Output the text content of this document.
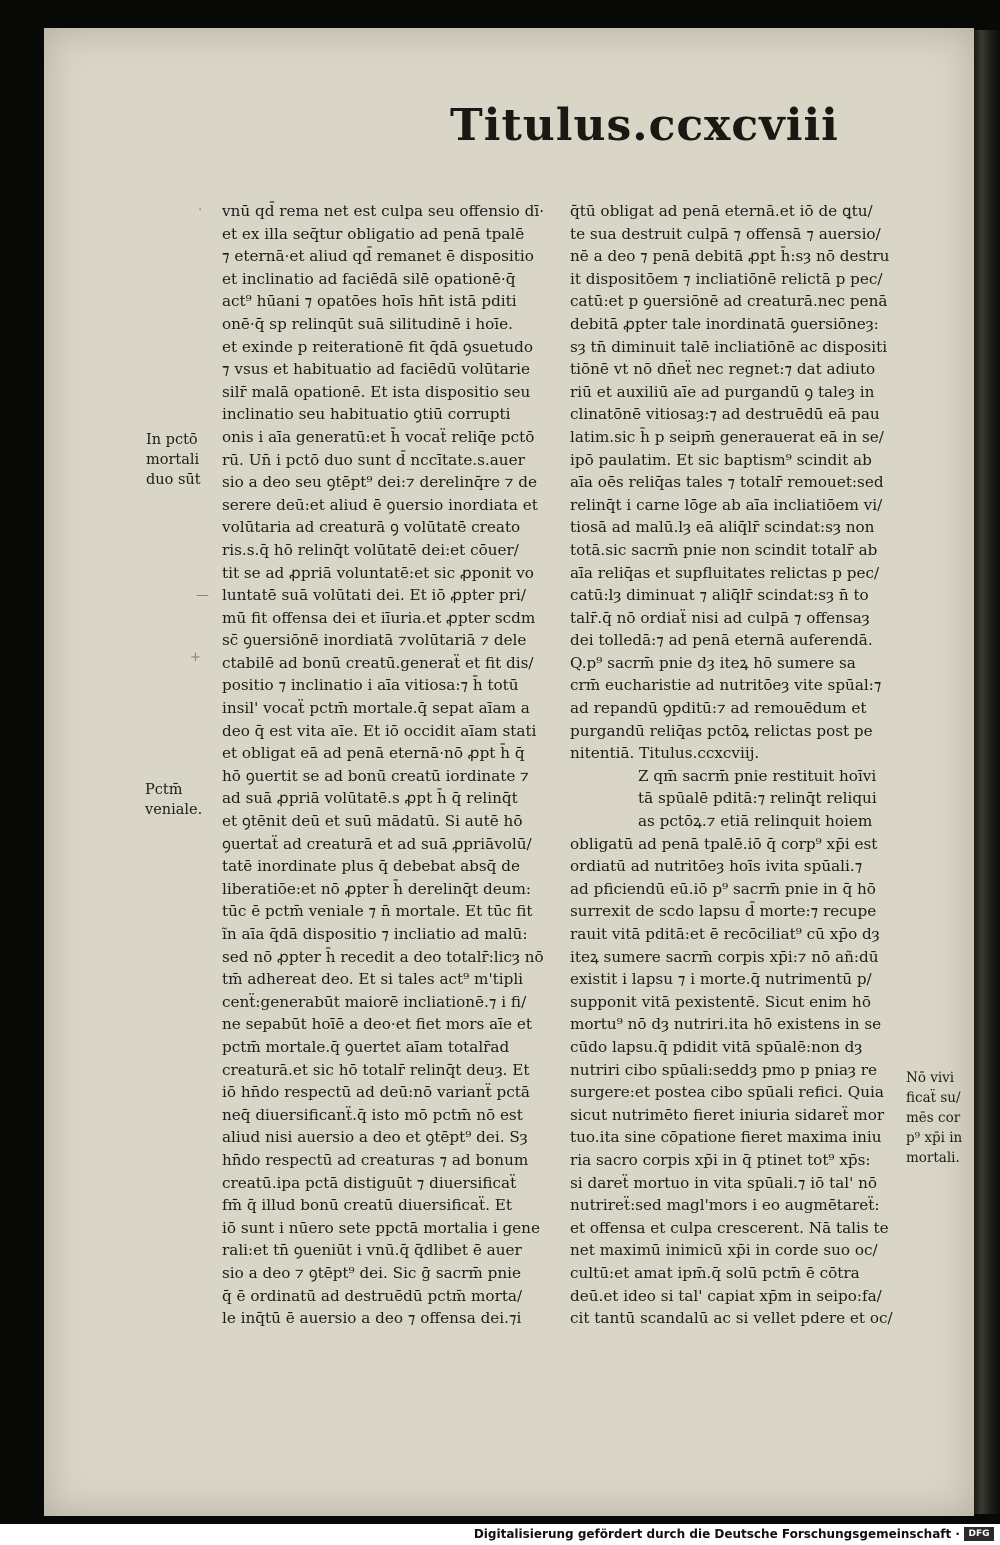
Titulus.ccxcviii
vnū qd̄ rema net est culpa seu offensio dī·
et ex illa seq̄tur obligatio ad penā tpalē
⁊ eternā·et aliud qd̄ remanet ē dispositio
et inclinatio ad faciēdā silē opationē·q̄
act⁹ hūani ⁊ opatōes hoīs hn̄t istā pditi
onē·q̄ sp relinqūt suā silitudinē i hoīe.
et exinde p reiterationē fit q̄dā ꝯsuetudo
⁊ vsus et habituatio ad faciēdū volūtarie
silr̄ malā opationē. Et ista dispositio seu
inclinatio seu habituatio ꝯtiū corrupti
onis i aīa generatū:et h̄ vocaẗ reliq̄e pctō
rū. Un̄ i pctō duo sunt d̄ nccītate.s.auer
sio a deo seu ꝯtēpt⁹ dei:⁊ derelinq̄re ⁊ de
serere deū:et aliud ē ꝯuersio inordiata et
volūtaria ad creaturā ꝯ volūtatē creato
ris.s.q̄ hō relinq̄t volūtatē dei:et cōuer/
tit se ad ꝓpriā voluntatē:et sic ꝓponit vo
luntatē suā volūtati dei. Et iō ꝓpter pri/
mū fit offensa dei et iīuria.et ꝓpter scdm
sc̄ ꝯuersiōnē inordiatā ⁊volūtariā ⁊ dele
ctabilē ad bonū creatū.generaẗ et fit dis/
positio ⁊ inclinatio i aīa vitiosa:⁊ h̄ totū
insil' vocaẗ pctm̄ mortale.q̄ sepat aīam a
deo q̄ est vita aīe. Et iō occidit aīam stati
et obligat eā ad penā eternā·nō ꝓpt h̄ q̄
hō ꝯuertit se ad bonū creatū iordinate ⁊
ad suā ꝓpriā volūtatē.s ꝓpt h̄ q̄ relinq̄t
et ꝯtēnit deū et suū mādatū. Si autē hō
ꝯuertaẗ ad creaturā et ad suā ꝓpriāvolū/
tatē inordinate plus q̄ debebat absq̄ de
liberatiōe:et nō ꝓpter h̄ derelinq̄t deum:
tūc ē pctm̄ veniale ⁊ n̄ mortale. Et tūc fit
ĩn aīa q̄dā dispositio ⁊ incliatio ad malū:
sed nō ꝓpter h̄ recedit a deo totalr̄:licȝ nō
tm̄ adhereat deo. Et si tales act⁹ m'tipli
cenẗ:generabūt maiorē incliationē.⁊ i fi/
ne sepabūt hoīē a deo·et fiet mors aīe et
pctm̄ mortale.q̄ ꝯuertet aīam totalr̄ad
creaturā.et sic hō totalr̄ relinq̄t deuȝ. Et
iō hn̄do respectū ad deū:nō varianẗ pctā
neq̄ diuersificanẗ.q̄ isto mō pctm̄ nō est
aliud nisi auersio a deo et ꝯtēpt⁹ dei. Sȝ
hn̄do respectū ad creaturas ⁊ ad bonum
creatū.ipa pctā distiguūt ⁊ diuersificaẗ
fm̄ q̄ illud bonū creatū diuersificaẗ. Et
iō sunt i nūero sete ppctā mortalia i gene
rali:et tn̄ ꝯueniūt i vnū.q̄ q̄dlibet ē auer
sio a deo ⁊ ꝯtēpt⁹ dei. Sic ḡ sacrm̄ pnie
q̄ ē ordinatū ad destruēdū pctm̄ morta/
le inq̄tū ē auersio a deo ⁊ offensa dei.⁊i
q̄tū obligat ad penā eternā.et iō de ꝗtu/
te sua destruit culpā ⁊ offensā ⁊ auersio/
nē a deo ⁊ penā debitā ꝓpt h̄:sȝ nō destru
it dispositōem ⁊ incliatiōnē relictā p pec/
catū:et p ꝯuersiōnē ad creaturā.nec penā
debitā ꝓpter tale inordinatā ꝯuersiōneȝ:
sȝ tn̄ diminuit talē incliatiōnē ac dispositi
tiōnē vt nō dn̄eẗ nec regnet:⁊ dat adiuto
riū et auxiliū aīe ad purgandū ꝯ taleȝ in
clinatōnē vitiosaȝ:⁊ ad destruēdū eā pau
latim.sic h̄ p seipm̄ generauerat eā in se/
ipō paulatim. Et sic baptism⁹ scindit ab
aīa oēs reliq̄as tales ⁊ totalr̄ remouet:sed
relinq̄t i carne lōge ab aīa incliatiōem vi/
tiosā ad malū.lȝ eā aliq̄lr̄ scindat:sȝ non
totā.sic sacrm̄ pnie non scindit totalr̄ ab
aīa reliq̄as et supfluitates relictas p pec/
catū:lȝ diminuat ⁊ aliq̄lr̄ scindat:sȝ n̄ to
talr̄.q̄ nō ordiaẗ nisi ad culpā ⁊ offensaȝ
dei tolledā:⁊ ad penā eternā auferendā.
Q.p⁹ sacrm̄ pnie dȝ iteꝝ hō sumere sa
crm̄ eucharistie ad nutritōeȝ vite spūal:⁊
ad repandū ꝯpditū:⁊ ad remouēdum et
purgandū reliq̄as pctōꝝ relictas post pe
nitentiā. Titulus.ccxcviij.
Z qm̄ sacrm̄ pnie restituit hoīvi
tā spūalē pditā:⁊ relinq̄t reliqui
as pctōꝝ.⁊ etiā relinquit hoiem
obligatū ad penā tpalē.iō q̄ corp⁹ xp̄i est
ordiatū ad nutritōeȝ hoīs ivita spūali.⁊
ad pficiendū eū.iō p⁹ sacrm̄ pnie in q̄ hō
surrexit de scdo lapsu d̄ morte:⁊ recupe
rauit vitā pditā:et ē recōciliat⁹ cū xp̄o dȝ
iteꝝ sumere sacrm̄ corpis xp̄i:⁊ nō añ:dū
existit i lapsu ⁊ i morte.q̄ nutrimentū p/
supponit vitā pexistentē. Sicut enim hō
mortu⁹ nō dȝ nutriri.ita hō existens in se
cūdo lapsu.q̄ pdidit vitā spūalē:non dȝ
nutriri cibo spūali:seddȝ pmo p pniaȝ re
surgere:et postea cibo spūali refici. Quia
sicut nutrimēto fieret iniuria sidareẗ mor
tuo.ita sine cōpatione fieret maxima iniu
ria sacro corpis xp̄i in q̄ ptinet tot⁹ xp̄s:
si dareẗ mortuo in vita spūali.⁊ iō tal' nō
nutrireẗ:sed magl'mors i eo augmētareẗ:
et offensa et culpa crescerent. Nā talis te
net maximū inimicū xp̄i in corde suo oc/
cultū:et amat ipm̄.q̄ solū pctm̄ ē cōtra
deū.et ideo si tal' capiat xp̄m in seipo:fa/
cit tantū scandalū ac si vellet pdere et oc/
In pctō
mortali
duo sūt
Pctm̄
veniale.
Nō vivi
ficaẗ su/
mēs cor
p⁹ xp̄i in
mortali.
·
+
—
Digitalisierung gefördert durch die Deutsche Forschungsgemeinschaft · DFG
